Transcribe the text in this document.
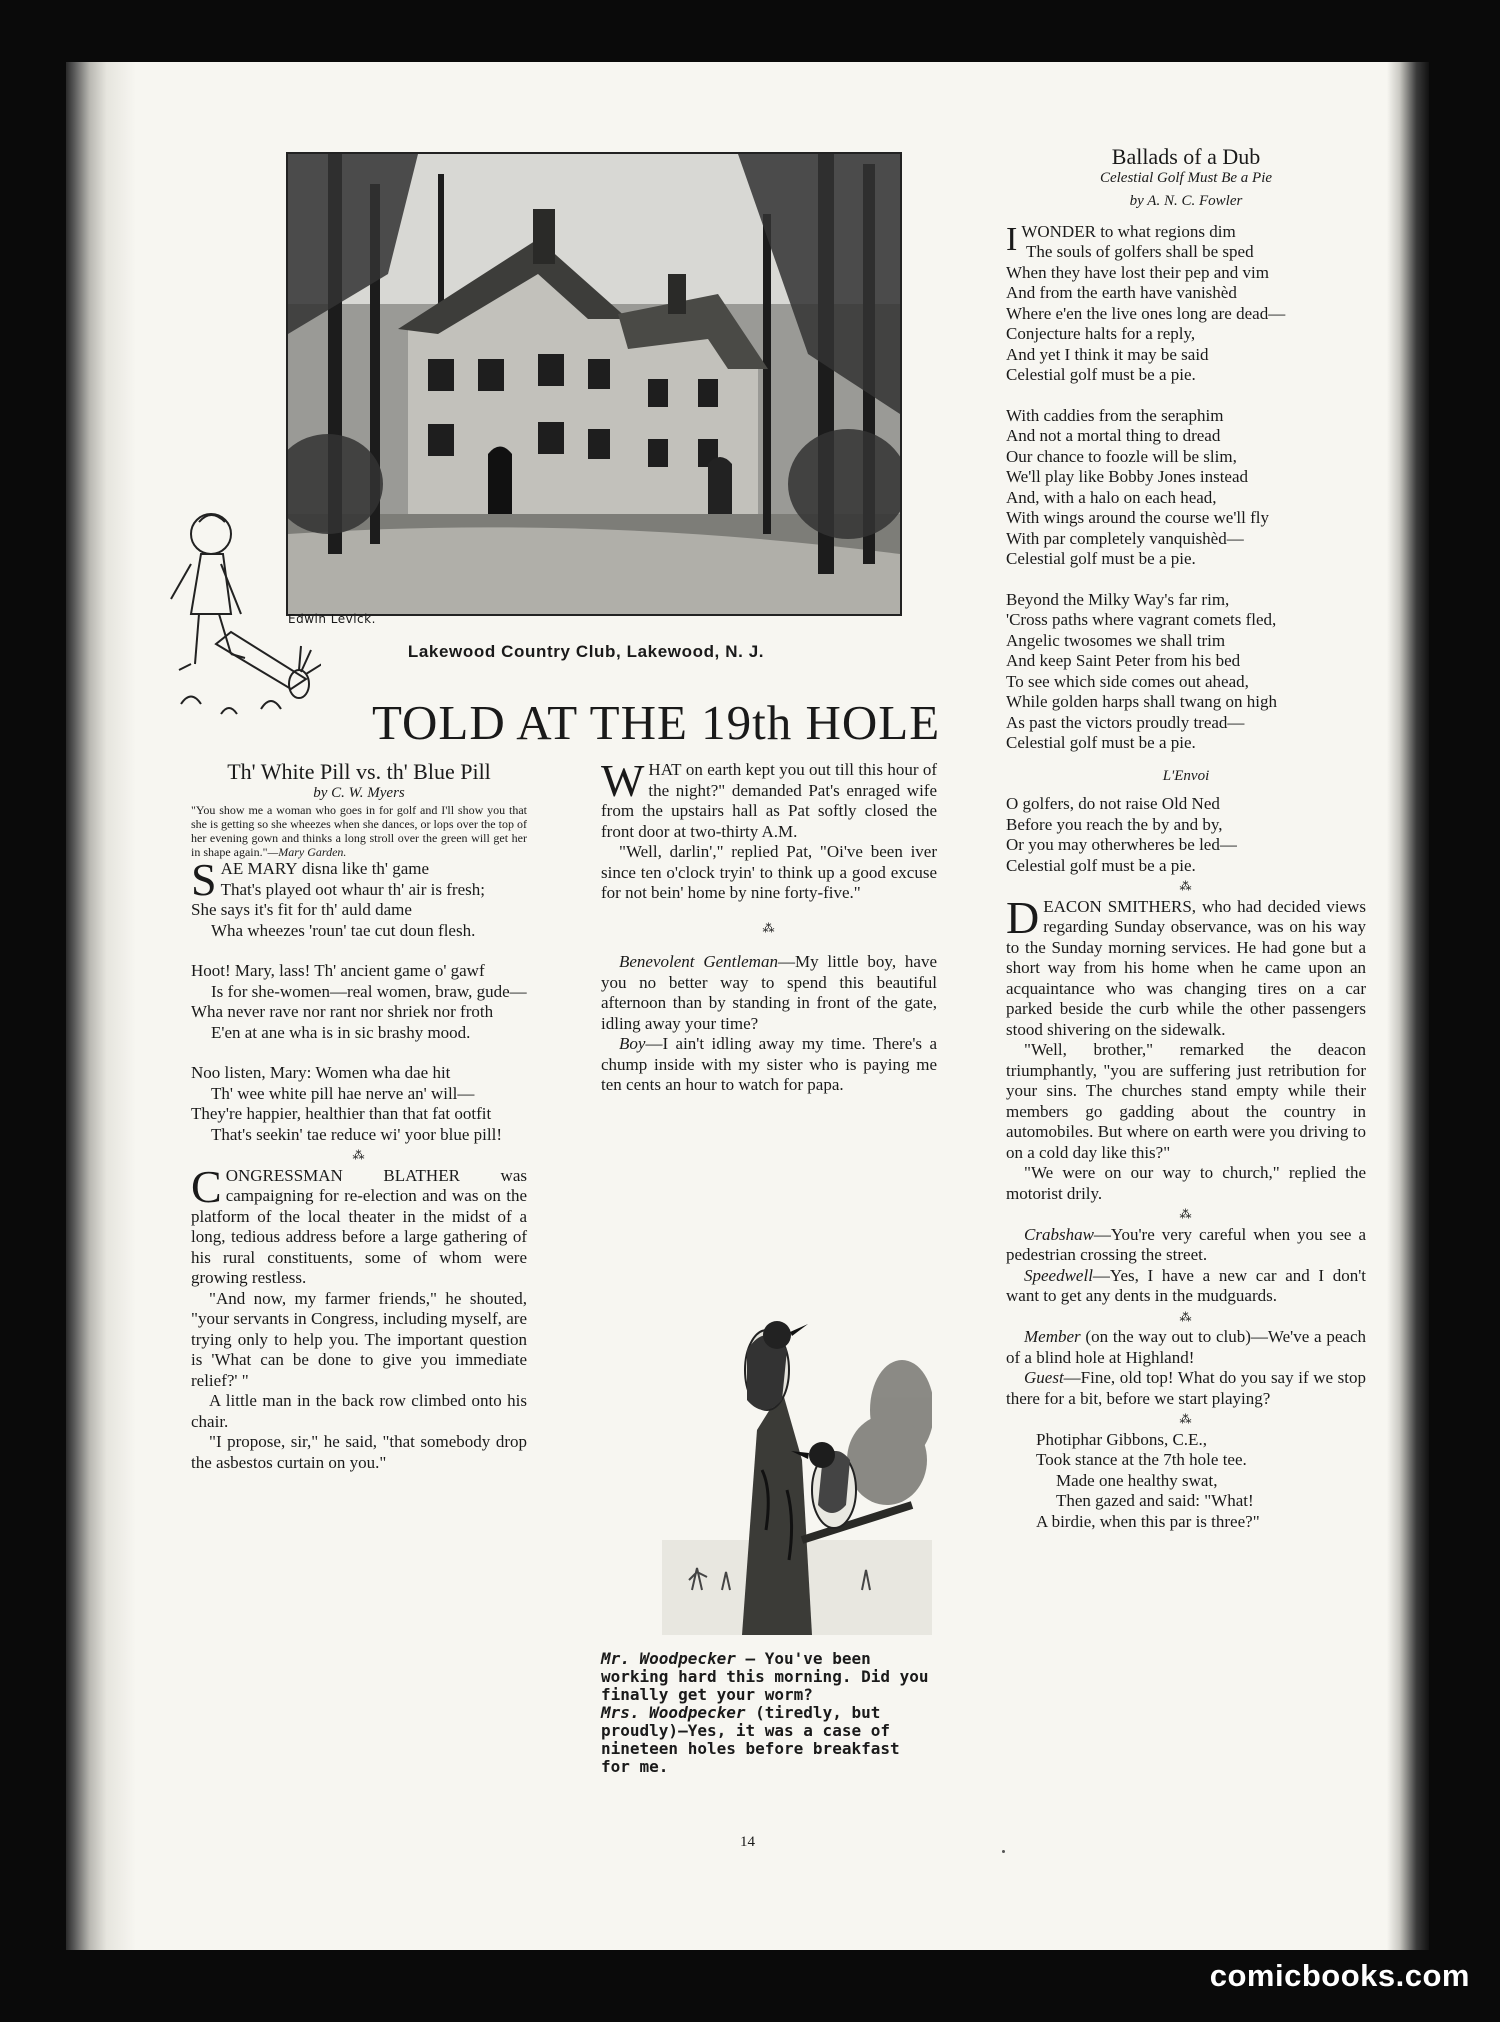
Edwin Levick.
Lakewood Country Club, Lakewood, N. J.
TOLD AT THE 19th HOLE

Th' White Pill vs. th' Blue Pill

by C. W. Myers

"You show me a woman who goes in for golf and I'll show you that she is getting so she wheezes when she dances, or lops over the top of her evening gown and thinks a long stroll over the green will get her in shape again."—Mary Garden.

SAE MARY disna like th' game

That's played oot whaur th' air is fresh;

She says it's fit for th' auld dame

Wha wheezes 'roun' tae cut doun flesh.

Hoot! Mary, lass! Th' ancient game o' gawf

Is for she-women—real women, braw, gude—

Wha never rave nor rant nor shriek nor froth

E'en at ane wha is in sic brashy mood.

Noo listen, Mary: Women wha dae hit

Th' wee white pill hae nerve an' will—

They're happier, healthier than that fat ootfit

That's seekin' tae reduce wi' yoor blue pill!

⁂

CONGRESSMAN BLATHER was campaigning for re-election and was on the platform of the local theater in the midst of a long, tedious address before a large gathering of his rural constituents, some of whom were growing restless.

"And now, my farmer friends," he shouted, "your servants in Congress, including myself, are trying only to help you. The important question is 'What can be done to give you immediate relief?' "

A little man in the back row climbed onto his chair.

"I propose, sir," he said, "that somebody drop the asbestos curtain on you."

WHAT on earth kept you out till this hour of the night?" demanded Pat's enraged wife from the upstairs hall as Pat softly closed the front door at two-thirty A.M.

"Well, darlin'," replied Pat, "Oi've been iver since ten o'clock tryin' to think up a good excuse for not bein' home by nine forty-five."

⁂

Benevolent Gentleman—My little boy, have you no better way to spend this beautiful afternoon than by standing in front of the gate, idling away your time?

Boy—I ain't idling away my time. There's a chump inside with my sister who is paying me ten cents an hour to watch for papa.

Mr. Woodpecker — You've been working hard this morning. Did you finally get your worm?

Mrs. Woodpecker (tiredly, but proudly)—Yes, it was a case of nineteen holes before breakfast for me.

Ballads of a Dub

Celestial Golf Must Be a Pie

by A. N. C. Fowler

IWONDER to what regions dim

The souls of golfers shall be sped

When they have lost their pep and vim

And from the earth have vanishèd

Where e'en the live ones long are dead—

Conjecture halts for a reply,

And yet I think it may be said

Celestial golf must be a pie.

With caddies from the seraphim

And not a mortal thing to dread

Our chance to foozle will be slim,

We'll play like Bobby Jones instead

And, with a halo on each head,

With wings around the course we'll fly

With par completely vanquishèd—

Celestial golf must be a pie.

Beyond the Milky Way's far rim,

'Cross paths where vagrant comets fled,

Angelic twosomes we shall trim

And keep Saint Peter from his bed

To see which side comes out ahead,

While golden harps shall twang on high

As past the victors proudly tread—

Celestial golf must be a pie.

L'Envoi

O golfers, do not raise Old Ned

Before you reach the by and by,

Or you may otherwheres be led—

Celestial golf must be a pie.

⁂

DEACON SMITHERS, who had decided views regarding Sunday observance, was on his way to the Sunday morning services. He had gone but a short way from his home when he came upon an acquaintance who was changing tires on a car parked beside the curb while the other passengers stood shivering on the sidewalk.

"Well, brother," remarked the deacon triumphantly, "you are suffering just retribution for your sins. The churches stand empty while their members go gadding about the country in automobiles. But where on earth were you driving to on a cold day like this?"

"We were on our way to church," replied the motorist drily.

⁂

Crabshaw—You're very careful when you see a pedestrian crossing the street.

Speedwell—Yes, I have a new car and I don't want to get any dents in the mudguards.

⁂

Member (on the way out to club)—We've a peach of a blind hole at Highland!

Guest—Fine, old top! What do you say if we stop there for a bit, before we start playing?

⁂

Photiphar Gibbons, C.E.,

Took stance at the 7th hole tee.

Made one healthy swat,

Then gazed and said: "What!

A birdie, when this par is three?"

14
comicbooks.com
